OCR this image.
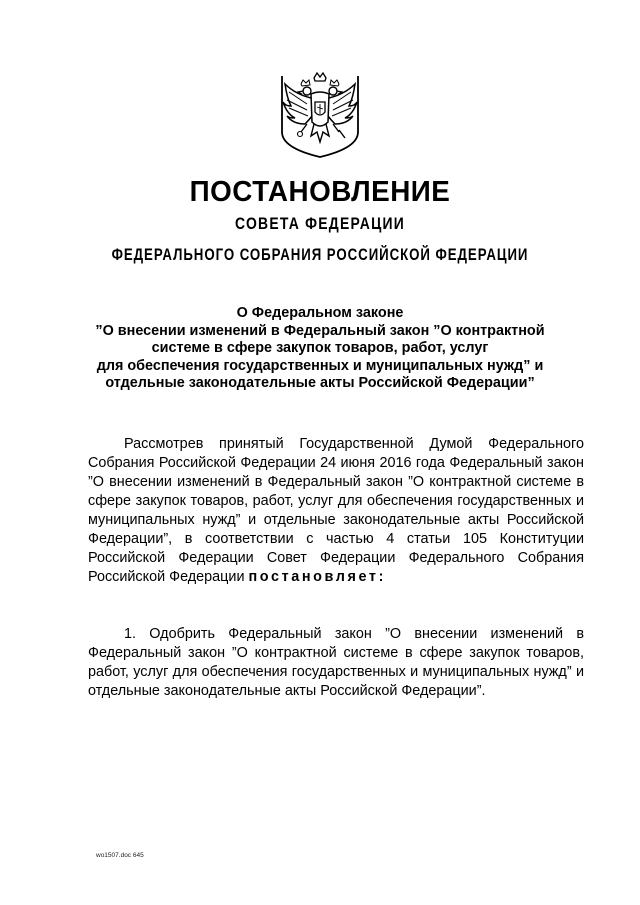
ПОСТАНОВЛЕНИЕ
СОВЕТА ФЕДЕРАЦИИ
ФЕДЕРАЛЬНОГО СОБРАНИЯ РОССИЙСКОЙ ФЕДЕРАЦИИ
О Федеральном законе
”О внесении изменений в Федеральный закон ”О контрактной
системе в сфере закупок товаров, работ, услуг
для обеспечения государственных и муниципальных нужд” и
отдельные законодательные акты Российской Федерации”
Рассмотрев принятый Государственной Думой Федерального Собрания Российской Федерации 24 июня 2016 года Федеральный закон ”О внесении изменений в Федеральный закон ”О контрактной системе в сфере закупок товаров, работ, услуг для обеспечения государственных и муниципальных нужд” и отдельные законодательные акты Российской Федерации”, в соответствии с частью 4 статьи 105 Конституции Российской Федерации Совет Федерации Федерального Собрания Российской Федерации постановляет:
1. Одобрить Федеральный закон ”О внесении изменений в Федеральный закон ”О контрактной системе в сфере закупок товаров, работ, услуг для обеспечения государственных и муниципальных нужд” и отдельные законодательные акты Российской Федерации”.
wo1507.doc 645
